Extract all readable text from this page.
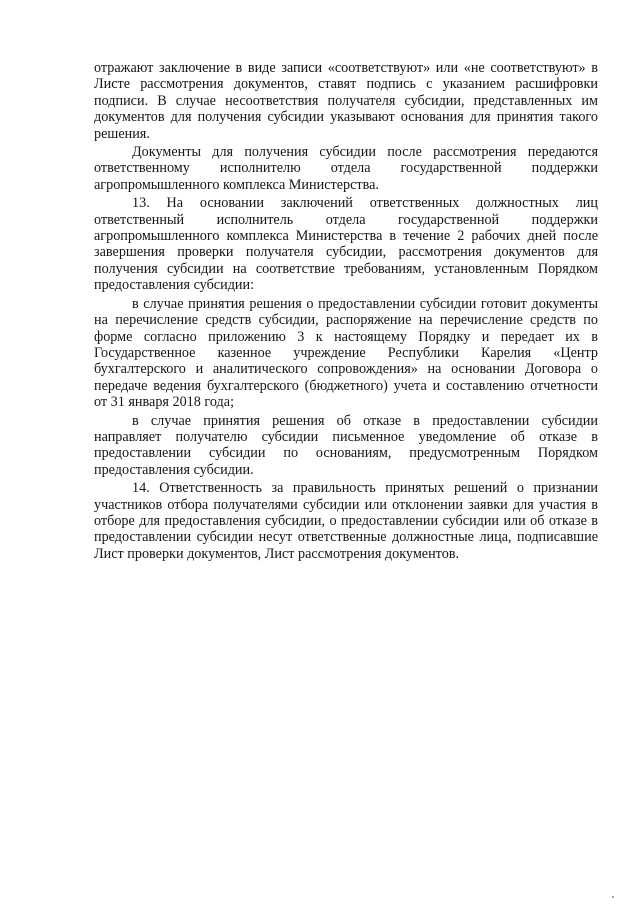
отражают заключение в виде записи «соответствуют» или «не соответствуют» в Листе рассмотрения документов, ставят подпись с указанием расшифровки подписи. В случае несоответствия получателя субсидии, представленных им документов для получения субсидии указывают основания для принятия такого решения.

Документы для получения субсидии после рассмотрения передаются ответственному исполнителю отдела государственной поддержки агропромышленного комплекса Министерства.

13. На основании заключений ответственных должностных лиц ответственный исполнитель отдела государственной поддержки агропромышленного комплекса Министерства в течение 2 рабочих дней после завершения проверки получателя субсидии, рассмотрения документов для получения субсидии на соответствие требованиям, установленным Порядком предоставления субсидии:

в случае принятия решения о предоставлении субсидии готовит документы на перечисление средств субсидии, распоряжение на перечисление средств по форме согласно приложению 3 к настоящему Порядку и передает их в Государственное казенное учреждение Республики Карелия «Центр бухгалтерского и аналитического сопровождения» на основании Договора о передаче ведения бухгалтерского (бюджетного) учета и составлению отчетности от 31 января 2018 года;

в случае принятия решения об отказе в предоставлении субсидии направляет получателю субсидии письменное уведомление об отказе в предоставлении субсидии по основаниям, предусмотренным Порядком предоставления субсидии.

14. Ответственность за правильность принятых решений о признании участников отбора получателями субсидии или отклонении заявки для участия в отборе для предоставления субсидии, о предоставлении субсидии или об отказе в предоставлении субсидии несут ответственные должностные лица, подписавшие Лист проверки документов, Лист рассмотрения документов.
